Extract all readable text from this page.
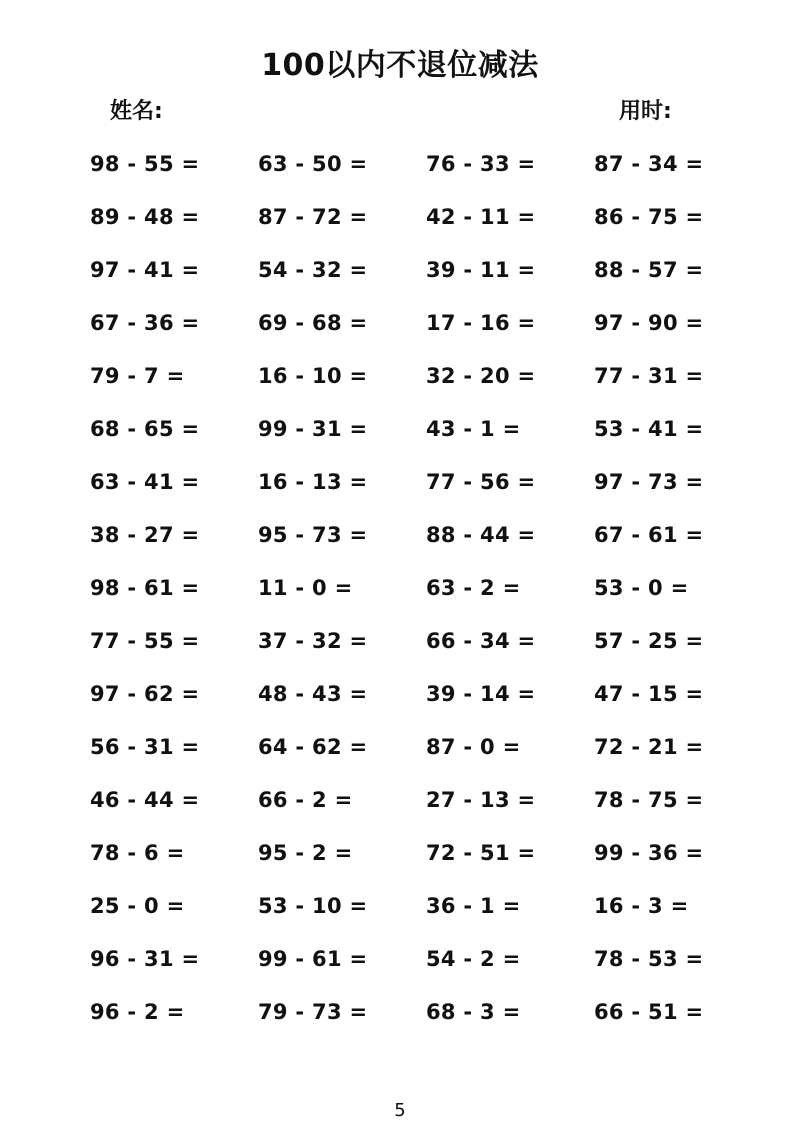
100以内不退位减法
姓名:	用时:
98 - 55 =	63 - 50 =	76 - 33 =	87 - 34 =
89 - 48 =	87 - 72 =	42 - 11 =	86 - 75 =
97 - 41 =	54 - 32 =	39 - 11 =	88 - 57 =
67 - 36 =	69 - 68 =	17 - 16 =	97 - 90 =
79 - 7 =	16 - 10 =	32 - 20 =	77 - 31 =
68 - 65 =	99 - 31 =	43 - 1 =	53 - 41 =
63 - 41 =	16 - 13 =	77 - 56 =	97 - 73 =
38 - 27 =	95 - 73 =	88 - 44 =	67 - 61 =
98 - 61 =	11 - 0 =	63 - 2 =	53 - 0 =
77 - 55 =	37 - 32 =	66 - 34 =	57 - 25 =
97 - 62 =	48 - 43 =	39 - 14 =	47 - 15 =
56 - 31 =	64 - 62 =	87 - 0 =	72 - 21 =
46 - 44 =	66 - 2 =	27 - 13 =	78 - 75 =
78 - 6 =	95 - 2 =	72 - 51 =	99 - 36 =
25 - 0 =	53 - 10 =	36 - 1 =	16 - 3 =
96 - 31 =	99 - 61 =	54 - 2 =	78 - 53 =
96 - 2 =	79 - 73 =	68 - 3 =	66 - 51 =
5
